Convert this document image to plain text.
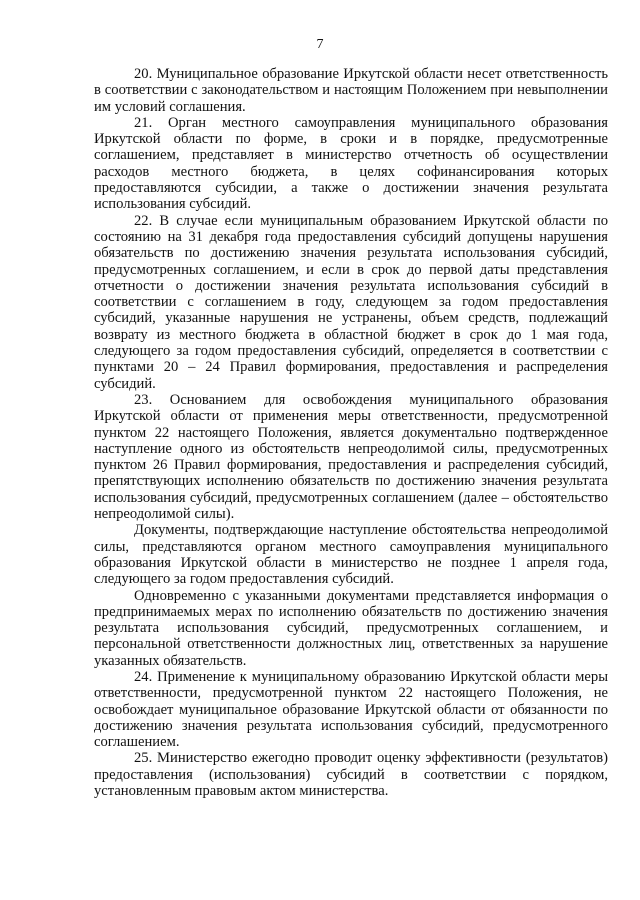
7

20. Муниципальное образование Иркутской области несет ответственность в соответствии с законодательством и настоящим Положением при невыполнении им условий соглашения.

21. Орган местного самоуправления муниципального образования Иркутской области по форме, в сроки и в порядке, предусмотренные соглашением, представляет в министерство отчетность об осуществлении расходов местного бюджета, в целях софинансирования которых предоставляются субсидии, а также о достижении значения результата использования субсидий.

22. В случае если муниципальным образованием Иркутской области по состоянию на 31 декабря года предоставления субсидий допущены нарушения обязательств по достижению значения результата использования субсидий, предусмотренных соглашением, и если в срок до первой даты представления отчетности о достижении значения результата использования субсидий в соответствии с соглашением в году, следующем за годом предоставления субсидий, указанные нарушения не устранены, объем средств, подлежащий возврату из местного бюджета в областной бюджет в срок до 1 мая года, следующего за годом предоставления субсидий, определяется в соответствии с пунктами 20 – 24 Правил формирования, предоставления и распределения субсидий.

23. Основанием для освобождения муниципального образования Иркутской области от применения меры ответственности, предусмотренной пунктом 22 настоящего Положения, является документально подтвержденное наступление одного из обстоятельств непреодолимой силы, предусмотренных пунктом 26 Правил формирования, предоставления и распределения субсидий, препятствующих исполнению обязательств по достижению значения результата использования субсидий, предусмотренных соглашением (далее – обстоятельство непреодолимой силы).

Документы, подтверждающие наступление обстоятельства непреодолимой силы, представляются органом местного самоуправления муниципального образования Иркутской области в министерство не позднее 1 апреля года, следующего за годом предоставления субсидий.

Одновременно с указанными документами представляется информация о предпринимаемых мерах по исполнению обязательств по достижению значения результата использования субсидий, предусмотренных соглашением, и персональной ответственности должностных лиц, ответственных за нарушение указанных обязательств.

24. Применение к муниципальному образованию Иркутской области меры ответственности, предусмотренной пунктом 22 настоящего Положения, не освобождает муниципальное образование Иркутской области от обязанности по достижению значения результата использования субсидий, предусмотренного соглашением.

25. Министерство ежегодно проводит оценку эффективности (результатов) предоставления (использования) субсидий в соответствии с порядком, установленным правовым актом министерства.
